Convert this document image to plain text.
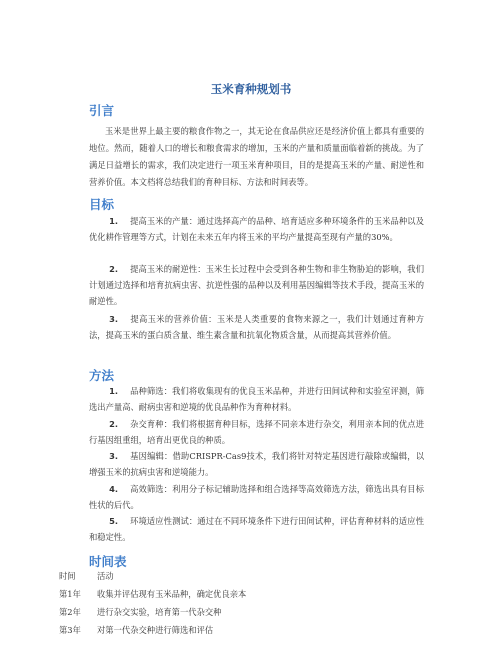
玉米育种规划书
引言
玉米是世界上最主要的粮食作物之一，其无论在食品供应还是经济价值上都具有重要的地位。然而，随着人口的增长和粮食需求的增加，玉米的产量和质量面临着新的挑战。为了满足日益增长的需求，我们决定进行一项玉米育种项目，目的是提高玉米的产量、耐逆性和营养价值。本文档将总结我们的育种目标、方法和时间表等。
目标
1. 提高玉米的产量：通过选择高产的品种、培育适应多种环境条件的玉米品种以及优化耕作管理等方式，计划在未来五年内将玉米的平均产量提高至现有产量的30%。
2. 提高玉米的耐逆性：玉米生长过程中会受到各种生物和非生物胁迫的影响，我们计划通过选择和培育抗病虫害、抗逆性强的品种以及利用基因编辑等技术手段，提高玉米的耐逆性。
3. 提高玉米的营养价值：玉米是人类重要的食物来源之一，我们计划通过育种方法，提高玉米的蛋白质含量、维生素含量和抗氧化物质含量，从而提高其营养价值。
方法
1. 品种筛选：我们将收集现有的优良玉米品种，并进行田间试种和实验室评测，筛选出产量高、耐病虫害和逆境的优良品种作为育种材料。
2. 杂交育种：我们将根据育种目标，选择不同亲本进行杂交，利用亲本间的优点进行基因组重组，培育出更优良的种质。
3. 基因编辑：借助CRISPR-Cas9技术，我们将针对特定基因进行敲除或编辑，以增强玉米的抗病虫害和逆境能力。
4. 高效筛选：利用分子标记辅助选择和组合选择等高效筛选方法，筛选出具有目标性状的后代。
5. 环境适应性测试：通过在不同环境条件下进行田间试种，评估育种材料的适应性和稳定性。
时间表
时间	活动
第1年 收集并评估现有玉米品种，确定优良亲本
第2年 进行杂交实验，培育第一代杂交种
第3年 对第一代杂交种进行筛选和评估
